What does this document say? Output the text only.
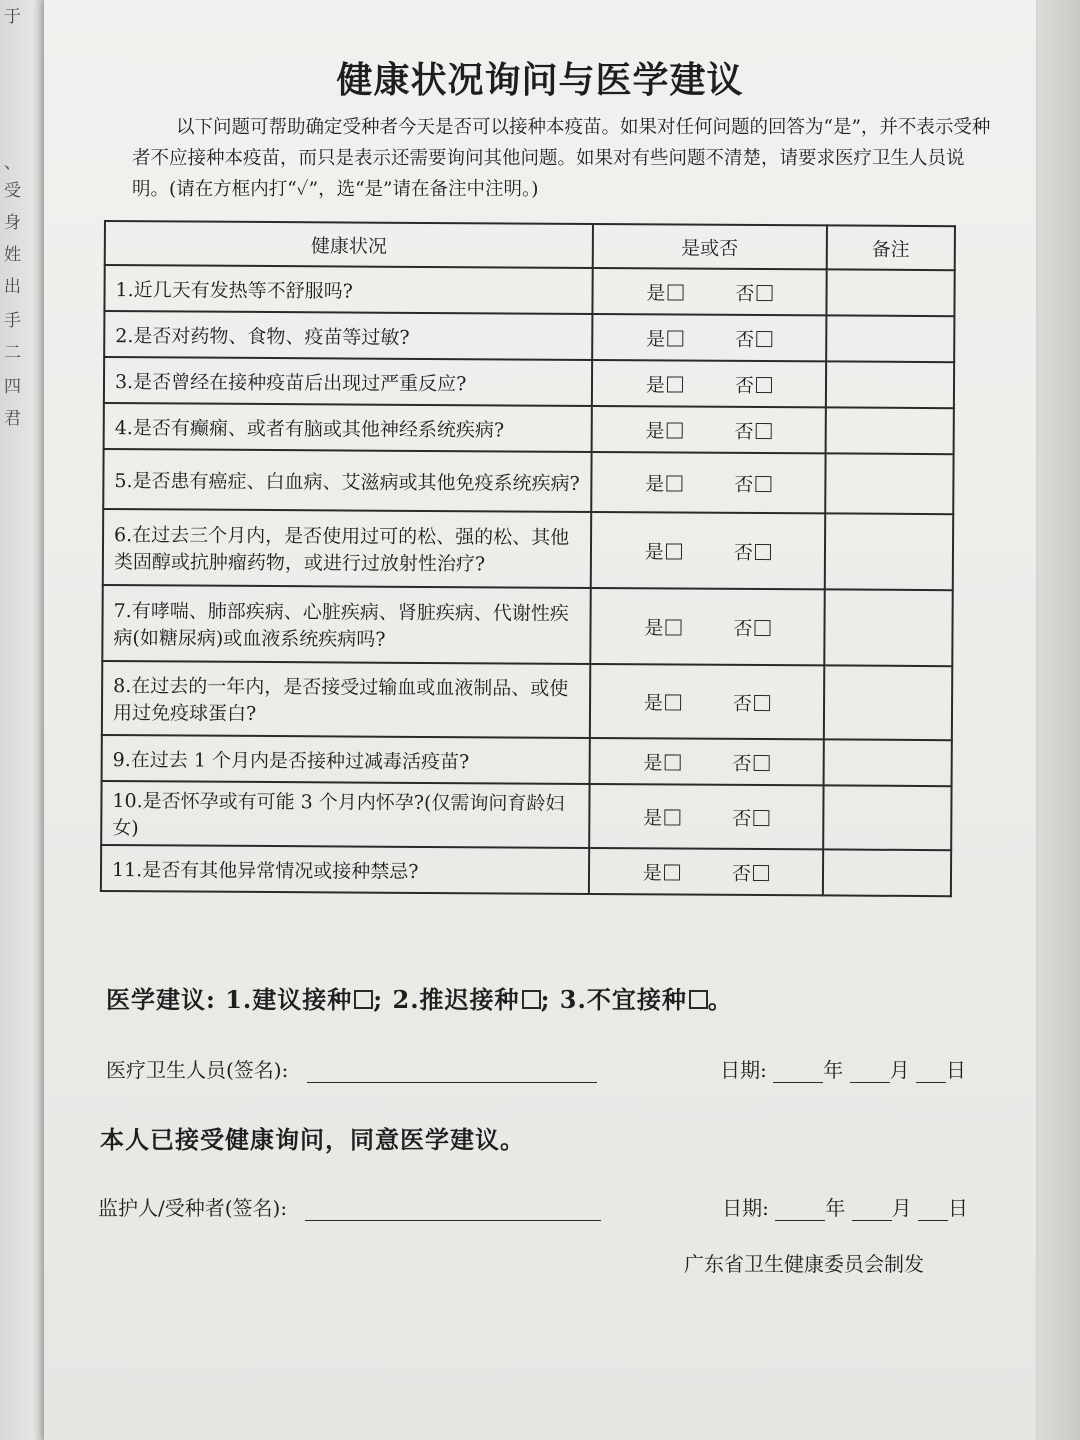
于
、
受
身
姓
出
手
二
四
君
健康状况询问与医学建议
以下问题可帮助确定受种者今天是否可以接种本疫苗。如果对任何问题的回答为“是”，并不表示受种者不应接种本疫苗，而只是表示还需要询问其他问题。如果对有些问题不清楚，请要求医疗卫生人员说明。(请在方框内打“✓”，选“是”请在备注中注明。)
健康状况	是或否	备注
1.近几天有发热等不舒服吗?	是 否	
2.是否对药物、食物、疫苗等过敏?	是 否	
3.是否曾经在接种疫苗后出现过严重反应?	是 否	
4.是否有癫痫、或者有脑或其他神经系统疾病?	是 否	
5.是否患有癌症、白血病、艾滋病或其他免疫系统疾病?	是 否	
6.在过去三个月内，是否使用过可的松、强的松、其他类固醇或抗肿瘤药物，或进行过放射性治疗?	是 否	
7.有哮喘、肺部疾病、心脏疾病、肾脏疾病、代谢性疾病(如糖尿病)或血液系统疾病吗?	是 否	
8.在过去的一年内，是否接受过输血或血液制品、或使用过免疫球蛋白?	是 否	
9.在过去 1 个月内是否接种过减毒活疫苗?	是 否	
10.是否怀孕或有可能 3 个月内怀孕?(仅需询问育龄妇女)	是 否	
11.是否有其他异常情况或接种禁忌?	是 否	
医学建议: 1.建议接种 ; 2.推迟接种 ; 3.不宜接种 。
医疗卫生人员(签名):	日期:	年 月 日
本人已接受健康询问，同意医学建议。
监护人/受种者(签名):	日期:	年 月 日
广东省卫生健康委员会制发
